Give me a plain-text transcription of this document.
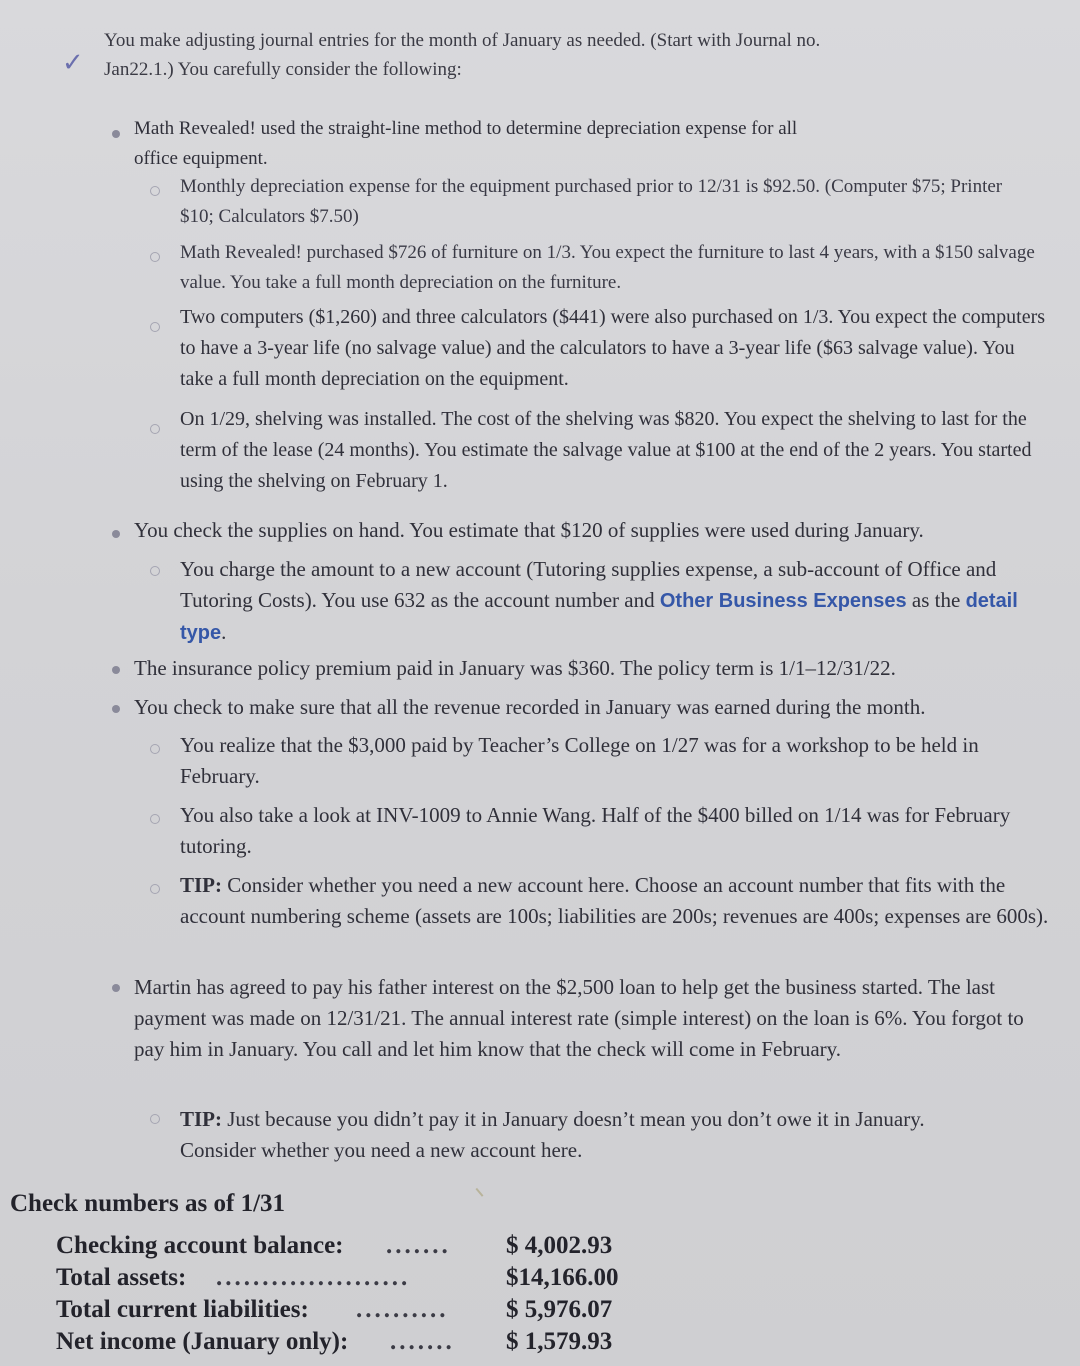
✓
You make adjusting journal entries for the month of January as needed. (Start with Journal no.
Jan22.1.) You carefully consider the following:
Math Revealed! used the straight-line method to determine depreciation expense for all
office equipment.
Monthly depreciation expense for the equipment purchased prior to 12/31 is $92.50. (Computer $75; Printer $10; Calculators $7.50)
Math Revealed! purchased $726 of furniture on 1/3. You expect the furniture to last 4 years, with a $150 salvage value. You take a full month depreciation on the furniture.
Two computers ($1,260) and three calculators ($441) were also purchased on 1/3. You expect the computers to have a 3-year life (no salvage value) and the calculators to have a 3-year life ($63 salvage value). You take a full month depreciation on the equipment.
On 1/29, shelving was installed. The cost of the shelving was $820. You expect the shelving to last for the term of the lease (24 months). You estimate the salvage value at $100 at the end of the 2 years. You started using the shelving on February 1.
You check the supplies on hand. You estimate that $120 of supplies were used during January.
You charge the amount to a new account (Tutoring supplies expense, a sub-account of Office and Tutoring Costs). You use 632 as the account number and Other Business Expenses as the detail type.
The insurance policy premium paid in January was $360. The policy term is 1/1–12/31/22.
You check to make sure that all the revenue recorded in January was earned during the month.
You realize that the $3,000 paid by Teacher’s College on 1/27 was for a workshop to be held in February.
You also take a look at INV-1009 to Annie Wang. Half of the $400 billed on 1/14 was for February tutoring.
TIP: Consider whether you need a new account here. Choose an account number that fits with the account numbering scheme (assets are 100s; liabilities are 200s; revenues are 400s; expenses are 600s).
Martin has agreed to pay his father interest on the $2,500 loan to help get the business started. The last payment was made on 12/31/21. The annual interest rate (simple interest) on the loan is 6%. You forgot to pay him in January. You call and let him know that the check will come in February.
TIP: Just because you didn’t pay it in January doesn’t mean you don’t owe it in January. Consider whether you need a new account here.
Check numbers as of 1/31
Checking account balance: ....... $ 4,002.93
Total assets: .....................	$14,166.00
Total current liabilities: .......... $ 5,976.07
Net income (January only): ....... $ 1,579.93
